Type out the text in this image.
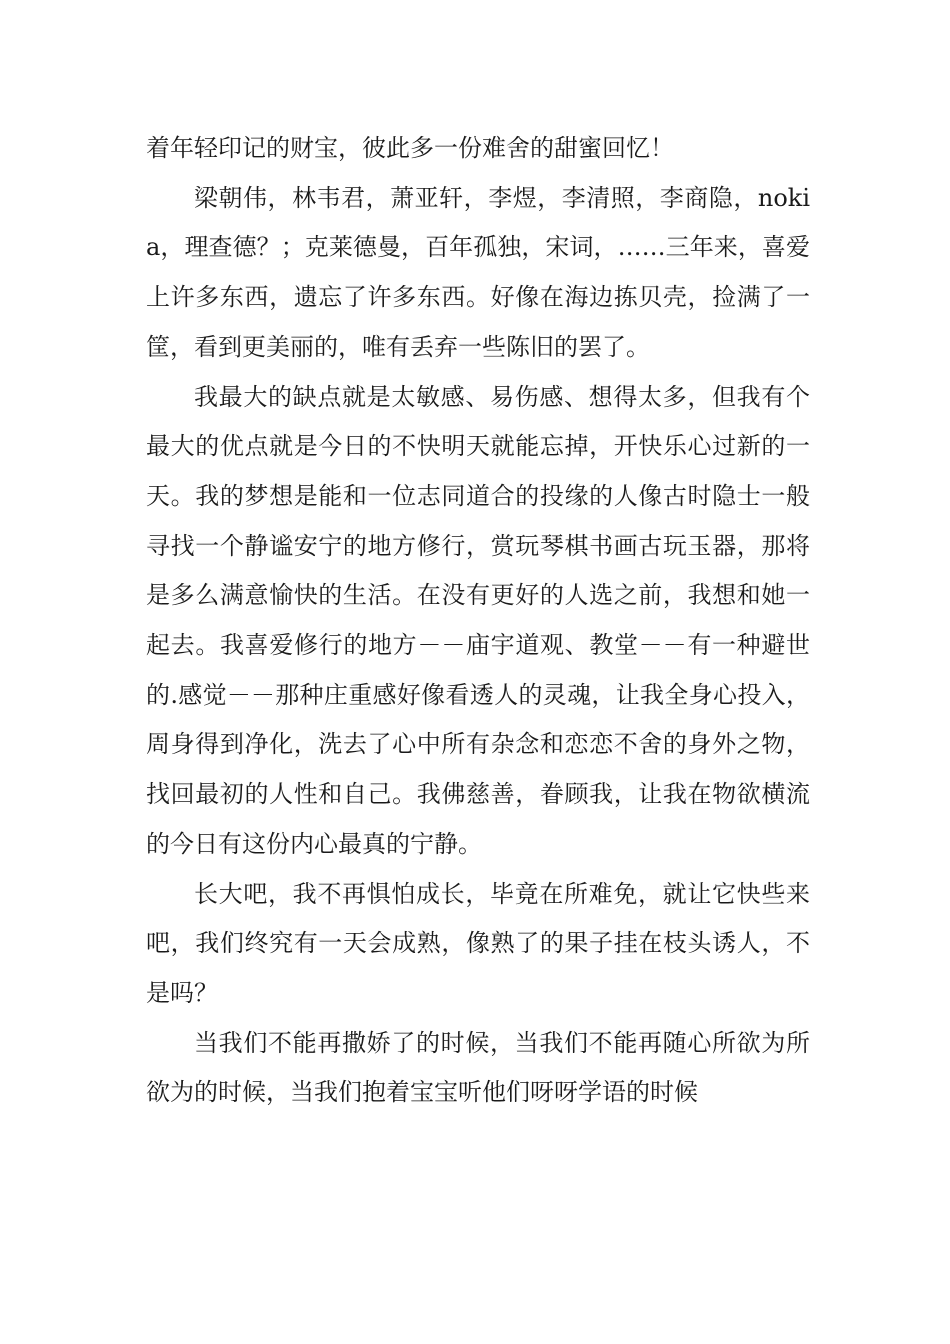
着年轻印记的财宝，彼此多一份难舍的甜蜜回忆！

梁朝伟，林韦君，萧亚轩，李煜，李清照，李商隐，nokia，理查德？；克莱德曼，百年孤独，宋词，……三年来，喜爱上许多东西，遗忘了许多东西。好像在海边拣贝壳，捡满了一筐，看到更美丽的，唯有丢弃一些陈旧的罢了。

我最大的缺点就是太敏感、易伤感、想得太多，但我有个最大的优点就是今日的不快明天就能忘掉，开快乐心过新的一天。我的梦想是能和一位志同道合的投缘的人像古时隐士一般寻找一个静谧安宁的地方修行，赏玩琴棋书画古玩玉器，那将是多么满意愉快的生活。在没有更好的人选之前，我想和她一起去。我喜爱修行的地方－－庙宇道观、教堂－－有一种避世的.感觉－－那种庄重感好像看透人的灵魂，让我全身心投入，周身得到净化，洗去了心中所有杂念和恋恋不舍的身外之物，找回最初的人性和自己。我佛慈善，眷顾我，让我在物欲横流的今日有这份内心最真的宁静。

长大吧，我不再惧怕成长，毕竟在所难免，就让它快些来吧，我们终究有一天会成熟，像熟了的果子挂在枝头诱人，不是吗？

当我们不能再撒娇了的时候，当我们不能再随心所欲为所欲为的时候，当我们抱着宝宝听他们呀呀学语的时候
